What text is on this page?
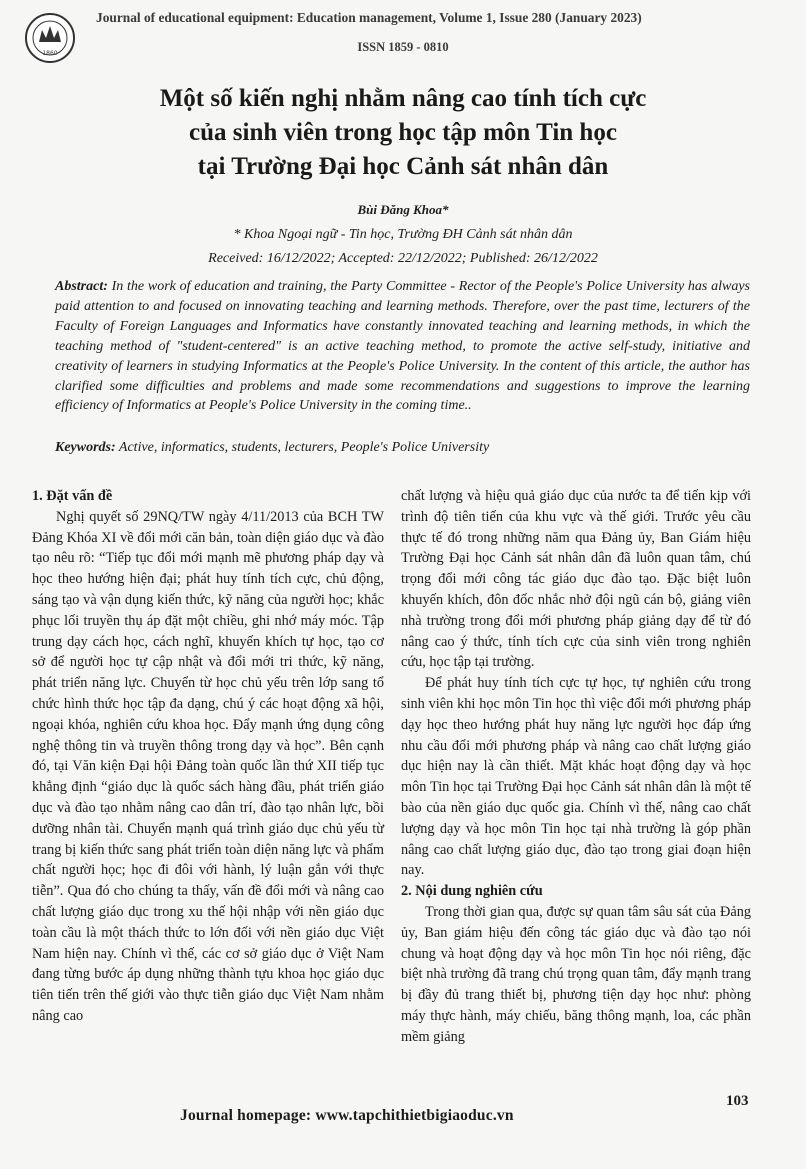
1860
Journal of educational equipment: Education management, Volume 1, Issue 280 (January 2023)
ISSN 1859 - 0810
Một số kiến nghị nhằm nâng cao tính tích cực
của sinh viên trong học tập môn Tin học
tại Trường Đại học Cảnh sát nhân dân
Bùi Đăng Khoa*
* Khoa Ngoại ngữ - Tin học, Trường ĐH Cảnh sát nhân dân
Received: 16/12/2022; Accepted: 22/12/2022; Published: 26/12/2022
Abstract: In the work of education and training, the Party Committee - Rector of the People's Police University has always paid attention to and focused on innovating teaching and learning methods. Therefore, over the past time, lecturers of the Faculty of Foreign Languages and Informatics have constantly innovated teaching and learning methods, in which the teaching method of "student-centered" is an active teaching method, to promote the active self-study, initiative and creativity of learners in studying Informatics at the People's Police University. In the content of this article, the author has clarified some difficulties and problems and made some recommendations and suggestions to improve the learning efficiency of Informatics at People's Police University in the coming time..
Keywords: Active, informatics, students, lecturers, People's Police University
1. Đặt vấn đề

Nghị quyết số 29NQ/TW ngày 4/11/2013 của BCH TW Đảng Khóa XI về đổi mới căn bản, toàn diện giáo dục và đào tạo nêu rõ: “Tiếp tục đổi mới mạnh mẽ phương pháp dạy và học theo hướng hiện đại; phát huy tính tích cực, chủ động, sáng tạo và vận dụng kiến thức, kỹ năng của người học; khắc phục lối truyền thụ áp đặt một chiều, ghi nhớ máy móc. Tập trung dạy cách học, cách nghĩ, khuyến khích tự học, tạo cơ sở để người học tự cập nhật và đổi mới tri thức, kỹ năng, phát triển năng lực. Chuyển từ học chủ yếu trên lớp sang tổ chức hình thức học tập đa dạng, chú ý các hoạt động xã hội, ngoại khóa, nghiên cứu khoa học. Đẩy mạnh ứng dụng công nghệ thông tin và truyền thông trong dạy và học”. Bên cạnh đó, tại Văn kiện Đại hội Đảng toàn quốc lần thứ XII tiếp tục khẳng định “giáo dục là quốc sách hàng đầu, phát triển giáo dục và đào tạo nhằm nâng cao dân trí, đào tạo nhân lực, bồi dưỡng nhân tài. Chuyển mạnh quá trình giáo dục chủ yếu từ trang bị kiến thức sang phát triển toàn diện năng lực và phẩm chất người học; học đi đôi với hành, lý luận gắn với thực tiễn”. Qua đó cho chúng ta thấy, vấn đề đổi mới và nâng cao chất lượng giáo dục trong xu thế hội nhập với nền giáo dục toàn cầu là một thách thức to lớn đối với nền giáo dục Việt Nam hiện nay. Chính vì thế, các cơ sở giáo dục ở Việt Nam đang từng bước áp dụng những thành tựu khoa học giáo dục tiên tiến trên thế giới vào thực tiễn giáo dục Việt Nam nhằm nâng cao

chất lượng và hiệu quả giáo dục của nước ta để tiến kịp với trình độ tiên tiến của khu vực và thế giới. Trước yêu cầu thực tế đó trong những năm qua Đảng ủy, Ban Giám hiệu Trường Đại học Cảnh sát nhân dân đã luôn quan tâm, chú trọng đổi mới công tác giáo dục đào tạo. Đặc biệt luôn khuyến khích, đôn đốc nhắc nhở đội ngũ cán bộ, giảng viên nhà trường trong đổi mới phương pháp giảng dạy để từ đó nâng cao ý thức, tính tích cực của sinh viên trong nghiên cứu, học tập tại trường.

Để phát huy tính tích cực tự học, tự nghiên cứu trong sinh viên khi học môn Tin học thì việc đổi mới phương pháp dạy học theo hướng phát huy năng lực người học đáp ứng nhu cầu đổi mới phương pháp và nâng cao chất lượng giáo dục hiện nay là cần thiết. Mặt khác hoạt động dạy và học môn Tin học tại Trường Đại học Cảnh sát nhân dân là một tế bào của nền giáo dục quốc gia. Chính vì thế, nâng cao chất lượng dạy và học môn Tin học tại nhà trường là góp phần nâng cao chất lượng giáo dục, đào tạo trong giai đoạn hiện nay.

2. Nội dung nghiên cứu

Trong thời gian qua, được sự quan tâm sâu sát của Đảng ủy, Ban giám hiệu đến công tác giáo dục và đào tạo nói chung và hoạt động dạy và học môn Tin học nói riêng, đặc biệt nhà trường đã trang chú trọng quan tâm, đẩy mạnh trang bị đầy đủ trang thiết bị, phương tiện dạy học như: phòng máy thực hành, máy chiếu, băng thông mạnh, loa, các phần mềm giảng

Journal homepage: www.tapchithietbigiaoduc.vn
103
